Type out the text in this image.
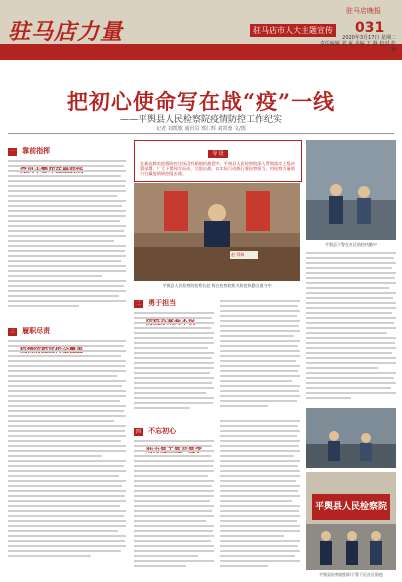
驻马店力量	驻马店市人大主题宣传
驻马店晚报
031
2020年3月17日 星期二
责任编辑 刘 爽 美编 王 静 校对 张 楠
把初心使命写在战“疫”一线
——平舆县人民检察院疫情防控工作纪实
记者 刘凯歌 通讯员 郑仁辉 刘霄蓉 文/图
一 靠前指挥

三 履职尽责

导 语
在新冠肺炎疫情防控这场没有硝烟的战役中，平舆县人民检察院深入贯彻落实上级决策部署，广大干警闻令而动、尽锐出战，以实际行动践行着检察担当，用检察力量助力打赢疫情防控阻击战。
赵 得瑞
平舆县人民检察院检察长赵 辉在检察院机关防疫执勤点值守中
平舆县干警在社区防控执勤中
二 勇于担当

四 不忘初心

平舆县人民检察院
平舆县检察院组织干警下沉社区防疫
